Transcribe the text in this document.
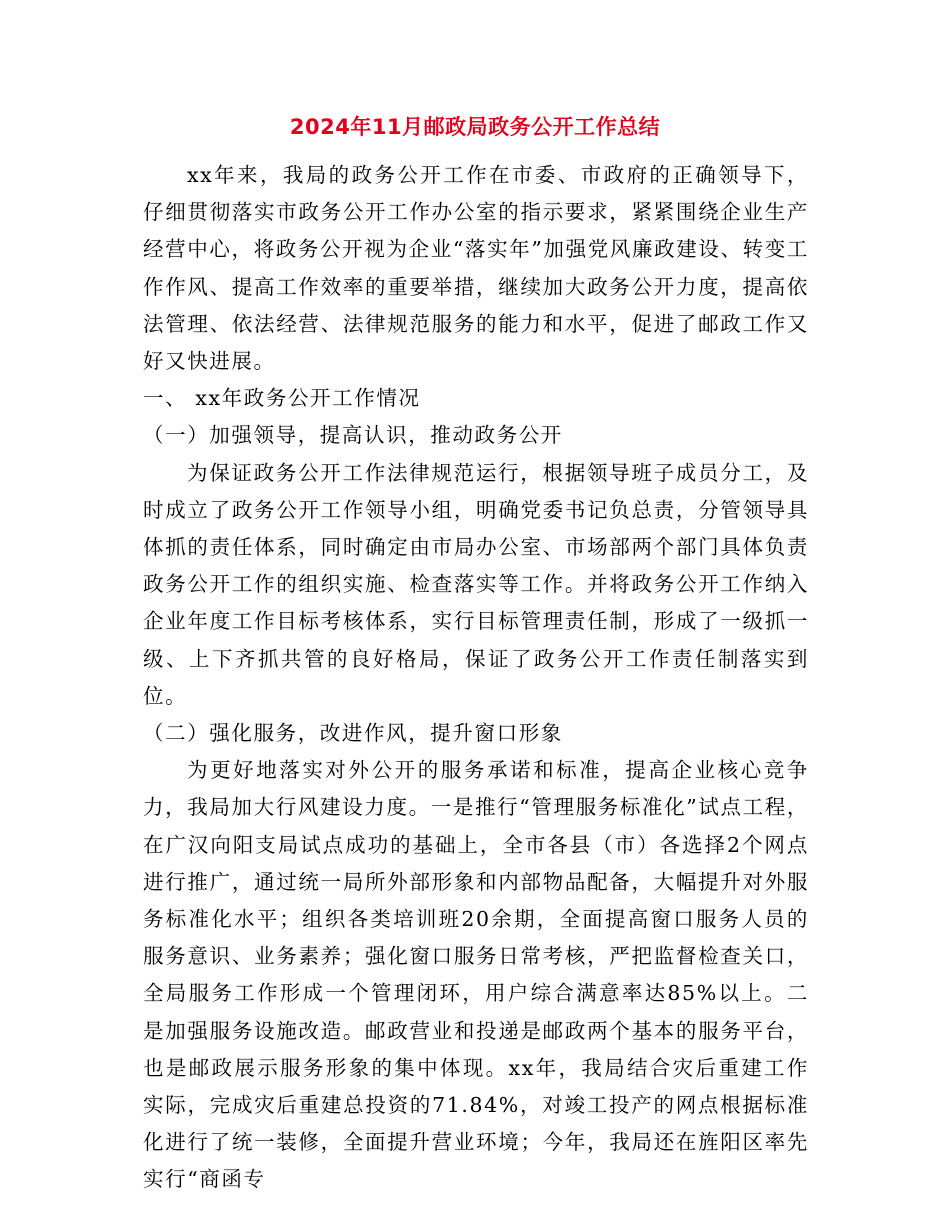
2024年11月邮政局政务公开工作总结

xx年来，我局的政务公开工作在市委、市政府的正确领导下，仔细贯彻落实市政务公开工作办公室的指示要求，紧紧围绕企业生产经营中心，将政务公开视为企业“落实年”加强党风廉政建设、转变工作作风、提高工作效率的重要举措，继续加大政务公开力度，提高依法管理、依法经营、法律规范服务的能力和水平，促进了邮政工作又好又快进展。

一、 xx年政务公开工作情况

（一）加强领导，提高认识，推动政务公开

为保证政务公开工作法律规范运行，根据领导班子成员分工，及时成立了政务公开工作领导小组，明确党委书记负总责，分管领导具体抓的责任体系，同时确定由市局办公室、市场部两个部门具体负责政务公开工作的组织实施、检查落实等工作。并将政务公开工作纳入企业年度工作目标考核体系，实行目标管理责任制，形成了一级抓一级、上下齐抓共管的良好格局，保证了政务公开工作责任制落实到位。

（二）强化服务，改进作风，提升窗口形象

为更好地落实对外公开的服务承诺和标准，提高企业核心竞争力，我局加大行风建设力度。一是推行“管理服务标准化”试点工程，在广汉向阳支局试点成功的基础上，全市各县（市）各选择2个网点进行推广，通过统一局所外部形象和内部物品配备，大幅提升对外服务标准化水平；组织各类培训班20余期，全面提高窗口服务人员的服务意识、业务素养；强化窗口服务日常考核，严把监督检查关口，全局服务工作形成一个管理闭环，用户综合满意率达85%以上。二是加强服务设施改造。邮政营业和投递是邮政两个基本的服务平台，也是邮政展示服务形象的集中体现。xx年，我局结合灾后重建工作实际，完成灾后重建总投资的71.84%，对竣工投产的网点根据标准化进行了统一装修，全面提升营业环境；今年，我局还在旌阳区率先实行“商函专
